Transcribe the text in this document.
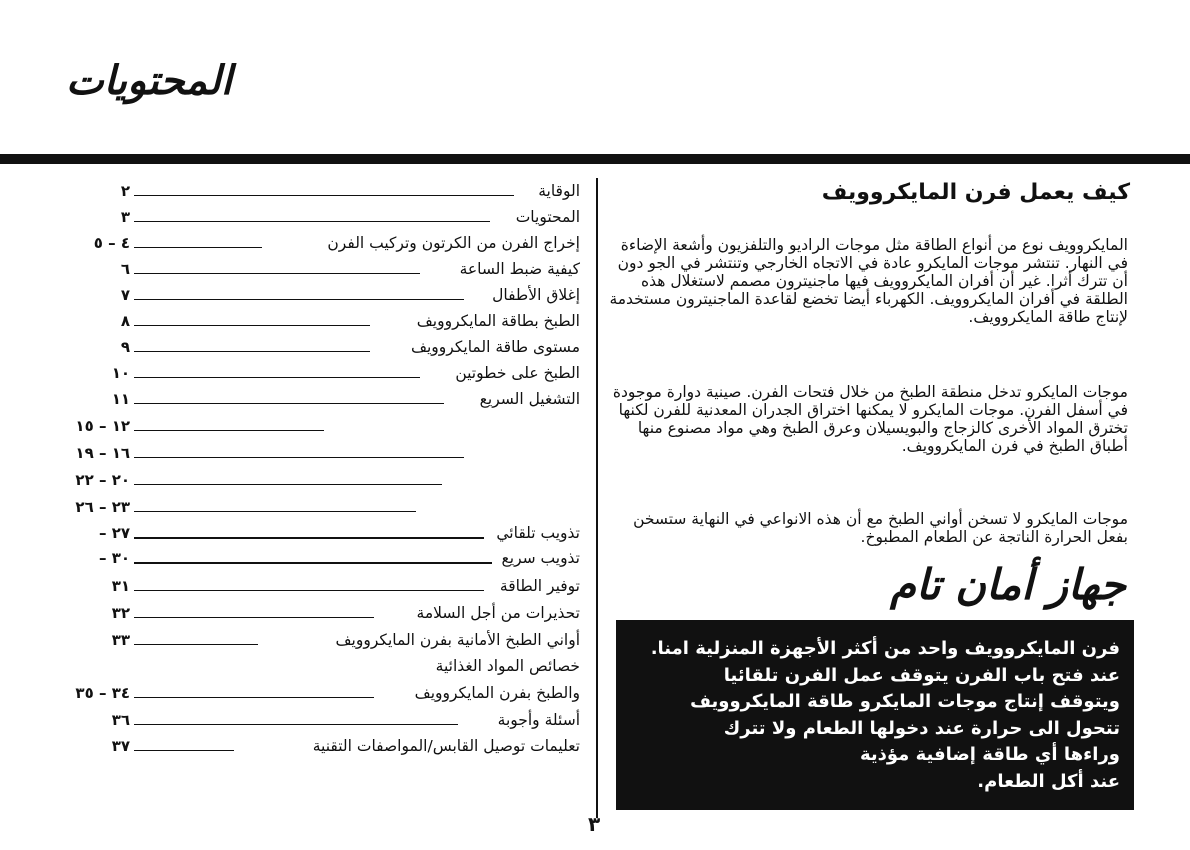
المحتويات
٣
كيف يعمل فرن المايكروويف

المايكروويف نوع من أنواع الطاقة مثل موجات الراديو والتلفزيون وأشعة الإضاءة في النهار. تنتشر موجات المايكرو عادة في الاتجاه الخارجي وتنتشر في الجو دون أن تترك أثرا. غير أن أفران المايكروويف فيها ماجنيترون مصمم لاستغلال هذه الطلقة في أفران المايكروويف. الكهرباء أيضا تخضع لقاعدة الماجنيترون مستخدمة لإنتاج طاقة المايكروويف.

موجات المايكرو تدخل منطقة الطبخ من خلال فتحات الفرن. صينية دوارة موجودة في أسفل الفرن. موجات المايكرو لا يمكنها اختراق الجدران المعدنية للفرن لكنها تخترق المواد الأخرى كالزجاج والبويسيلان وعرق الطبخ وهي مواد مصنوع منها أطباق الطبخ في فرن المايكروويف.

موجات المايكرو لا تسخن أواني الطبخ مع أن هذه الانواعي في النهاية ستسخن بفعل الحرارة الناتجة عن الطعام المطبوخ.

جهاز أمان تام
فرن المايكروويف واحد من أكثر الأجهزة المنزلية امنا.
عند فتح باب الفرن يتوقف عمل الفرن تلقائيا
ويتوقف إنتاج موجات المايكرو طاقة المايكروويف
تتحول الى حرارة عند دخولها الطعام ولا تترك
وراءها أي طاقة إضافية مؤذية
عند أكل الطعام.
الوقاية
٢
المحتويات
٣
إخراج الفرن من الكرتون وتركيب الفرن
٤ – ٥
كيفية ضبط الساعة
٦
إغلاق الأطفال
٧
الطبخ بطاقة المايكروويف
٨
مستوى طاقة المايكروويف
٩
الطبخ على خطوتين
١٠
التشغيل السريع
١١
١٢ – ١٥
١٦ – ١٩
٢٠ – ٢٢
٢٣ – ٢٦
تذويب تلقائي
٢٧ –
تذويب سريع
٣٠ –
توفير الطاقة
٣١
تحذيرات من أجل السلامة
٣٢
أواني الطبخ الأمانية بفرن المايكروويف
٣٣
خصائص المواد الغذائية
والطبخ بفرن المايكروويف
٣٤ – ٣٥
أسئلة وأجوبة
٣٦
تعليمات توصيل القابس/المواصفات التقنية
٣٧
